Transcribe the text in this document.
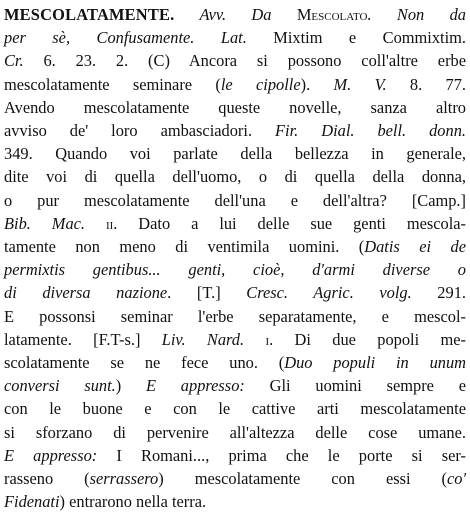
MESCOLATAMENTE. Avv. Da Mescolato. Non da
per sè, Confusamente. Lat. Mixtim e Commixtim.
Cr. 6. 23. 2. (C) Ancora si possono coll'altre erbe
mescolatamente seminare (le cipolle). M. V. 8. 77.
Avendo mescolatamente queste novelle, sanza altro
avviso de' loro ambasciadori. Fir. Dial. bell. donn.
349. Quando voi parlate della bellezza in generale,
dite voi di quella dell'uomo, o di quella della donna,
o pur mescolatamente dell'una e dell'altra? [Camp.]
Bib. Mac. ii. Dato a lui delle sue genti mescola-
tamente non meno di ventimila uomini. (Datis ei de
permixtis gentibus... genti, cioè, d'armi diverse o
di diversa nazione. [T.] Cresc. Agric. volg. 291.
E possonsi seminar l'erbe separatamente, e mescol-
latamente. [F.T-s.] Liv. Nard. i. Di due popoli me-
scolatamente se ne fece uno. (Duo populi in unum
conversi sunt.) E appresso: Gli uomini sempre e
con le buone e con le cattive arti mescolatamente
si sforzano di pervenire all'altezza delle cose umane.
E appresso: I Romani..., prima che le porte si ser-
rasseno (serrassero) mescolatamente con essi (co'
Fidenati) entrarono nella terra.
